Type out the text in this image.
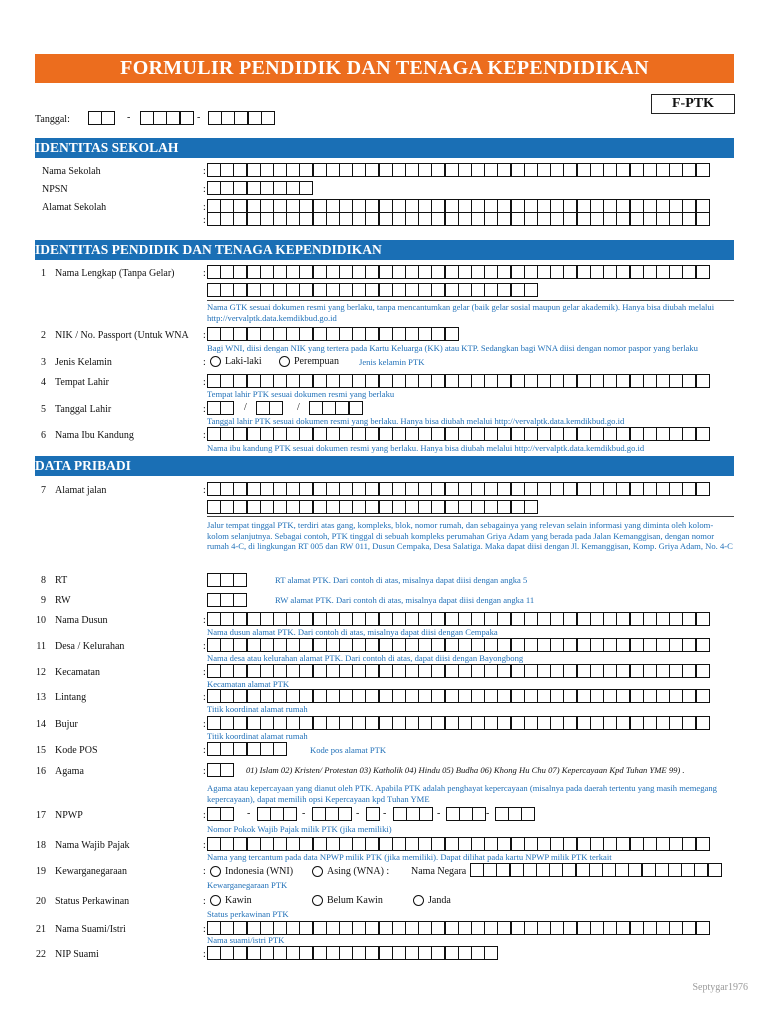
FORMULIR PENDIDIK DAN TENAGA KEPENDIDIKAN
F-PTK
Tanggal:	-	-
IDENTITAS SEKOLAH
Nama Sekolah	:
NPSN	:
Alamat Sekolah	:
:
IDENTITAS PENDIDIK DAN TENAGA KEPENDIDIKAN
1 Nama Lengkap (Tanpa Gelar)	:
Nama GTK sesuai dokumen resmi yang berlaku, tanpa mencantumkan gelar (baik gelar sosial maupun gelar akademik). Hanya bisa diubah melalui http://vervalptk.data.kemdikbud.go.id
2 NIK / No. Passport (Untuk WNA :
Bagi WNI, diisi dengan NIK yang tertera pada Kartu Keluarga (KK) atau KTP. Sedangkan bagi WNA diisi dengan nomor paspor yang berlaku
3 Jenis Kelamin	: Laki-laki	Perempuan Jenis kelamin PTK
4 Tempat Lahir	:
Tempat lahir PTK sesuai dokumen resmi yang berlaku
5 Tanggal Lahir	:	/	/
Tanggal lahir PTK sesuai dokumen resmi yang berlaku. Hanya bisa diubah melalui http://vervalptk.data.kemdikbud.go.id
6 Nama Ibu Kandung	:
Nama ibu kandung PTK sesuai dokumen resmi yang berlaku. Hanya bisa diubah melalui http://vervalptk.data.kemdikbud.go.id
DATA PRIBADI
7 Alamat jalan	:
Jalur tempat tinggal PTK, terdiri atas gang, kompleks, blok, nomor rumah, dan sebagainya yang relevan selain informasi yang diminta oleh kolom-kolom selanjutnya. Sebagai contoh, PTK tinggal di sebuah kompleks perumahan Griya Adam yang berada pada Jalan Kemanggisan, dengan nomor rumah 4-C, di lingkungan RT 005 dan RW 011, Dusun Cempaka, Desa Salatiga. Maka dapat diisi dengan Jl. Kemanggisan, Komp. Griya Adam, No. 4-C
8 RT	RT alamat PTK. Dari contoh di atas, misalnya dapat diisi dengan angka 5
9 RW	RW alamat PTK. Dari contoh di atas, misalnya dapat diisi dengan angka 11
10 Nama Dusun	:
Nama dusun alamat PTK. Dari contoh di atas, misalnya dapat diisi dengan Cempaka
11 Desa / Kelurahan	:
Nama desa atau kelurahan alamat PTK. Dari contoh di atas, dapat diisi dengan Bayongbong
12 Kecamatan	:
Kecamatan alamat PTK
13 Lintang	:
Titik koordinat alamat rumah
14 Bujur	:
Titik koordinat alamat rumah
15 Kode POS	:	Kode pos alamat PTK
16 Agama	:	01) Islam 02) Kristen/ Protestan 03) Katholik 04) Hindu 05) Budha 06) Khong Hu Chu 07) Kepercayaan Kpd Tuhan YME 99) .
Agama atau kepercayaan yang dianut oleh PTK. Apabila PTK adalah penghayat kepercayaan (misalnya pada daerah tertentu yang masih memegang kepercayaan), dapat memilih opsi Kepercayaan kpd Tuhan YME
17 NPWP	:	-	-	- -	-	-
Nomor Pokok Wajib Pajak milik PTK (jika memiliki)
18 Nama Wajib Pajak	:
Nama yang tercantum pada data NPWP milik PTK (jika memiliki). Dapat dilihat pada kartu NPWP milik PTK terkait
19 Kewarganegaraan	: Indonesia (WNI)	Asing (WNA) : Nama Negara
Kewarganegaraan PTK
20 Status Perkawinan	: Kawin	Belum Kawin	Janda
Status perkawinan PTK
21 Nama Suami/Istri	:
Nama suami/istri PTK
22 NIP Suami	:
Septygar1976
